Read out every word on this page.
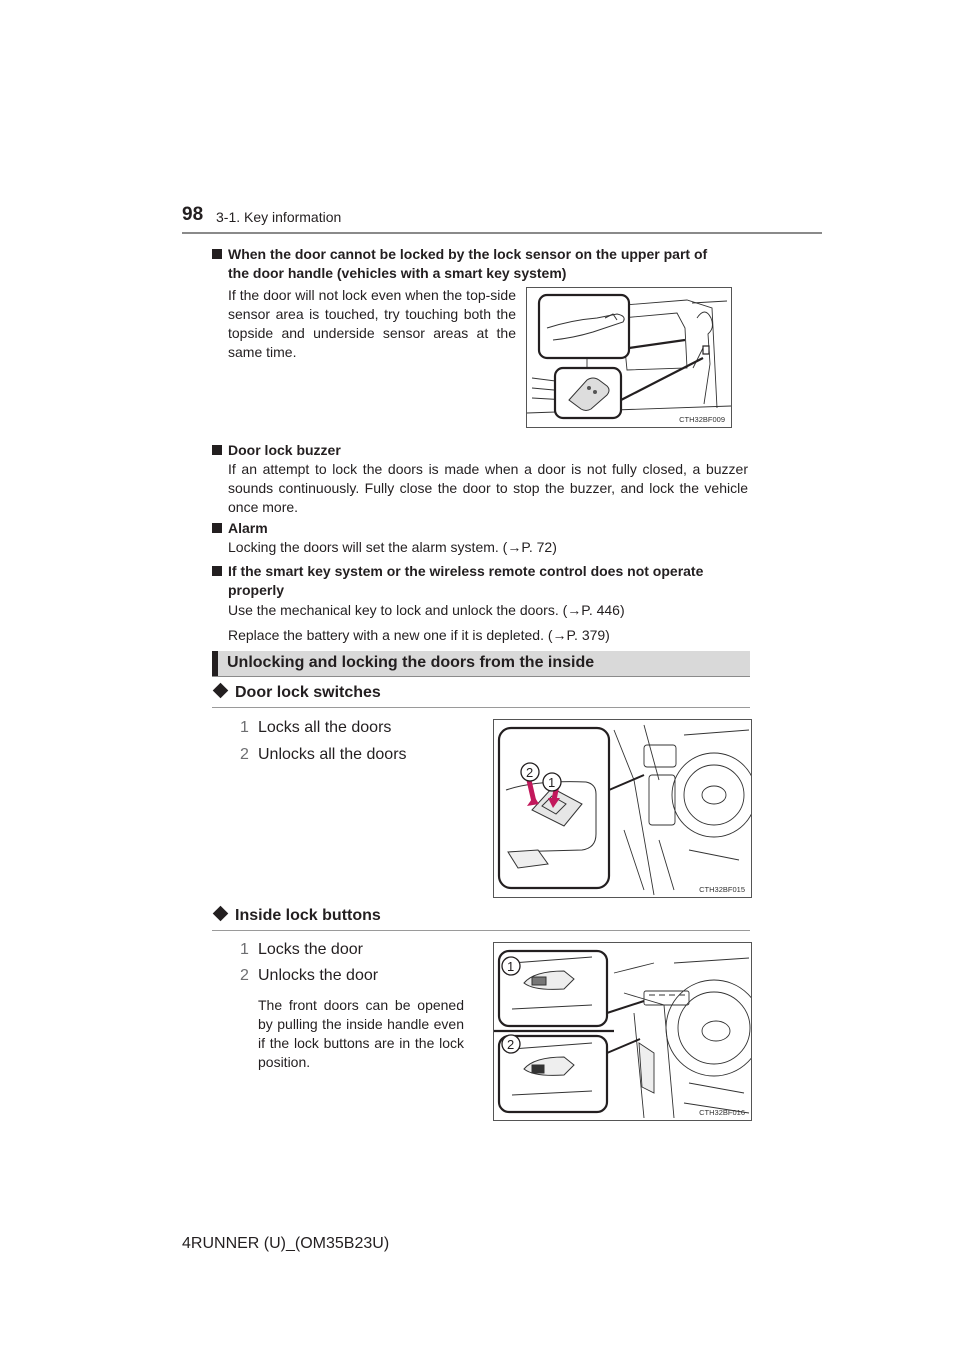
98 3-1. Key information
When the door cannot be locked by the lock sensor on the upper part of
the door handle (vehicles with a smart key system)
If the door will not lock even when the top-side sensor area is touched, try touching both the topside and underside sensor areas at the same time.
CTH32BF009
Door lock buzzer
If an attempt to lock the doors is made when a door is not fully closed, a buzzer sounds continuously. Fully close the door to stop the buzzer, and lock the vehicle once more.
Alarm
Locking the doors will set the alarm system. (→P. 72)
If the smart key system or the wireless remote control does not operate
properly
Use the mechanical key to lock and unlock the doors. (→P. 446)
Replace the battery with a new one if it is depleted. (→P. 379)
Unlocking and locking the doors from the inside
Door lock switches
1 Locks all the doors
2 Unlocks all the doors
2
1
CTH32BF015
Inside lock buttons
1 Locks the door
2 Unlocks the door
The front doors can be opened by pulling the inside handle even if the lock buttons are in the lock position.
1
2
CTH32BF016
4RUNNER (U)_(OM35B23U)
